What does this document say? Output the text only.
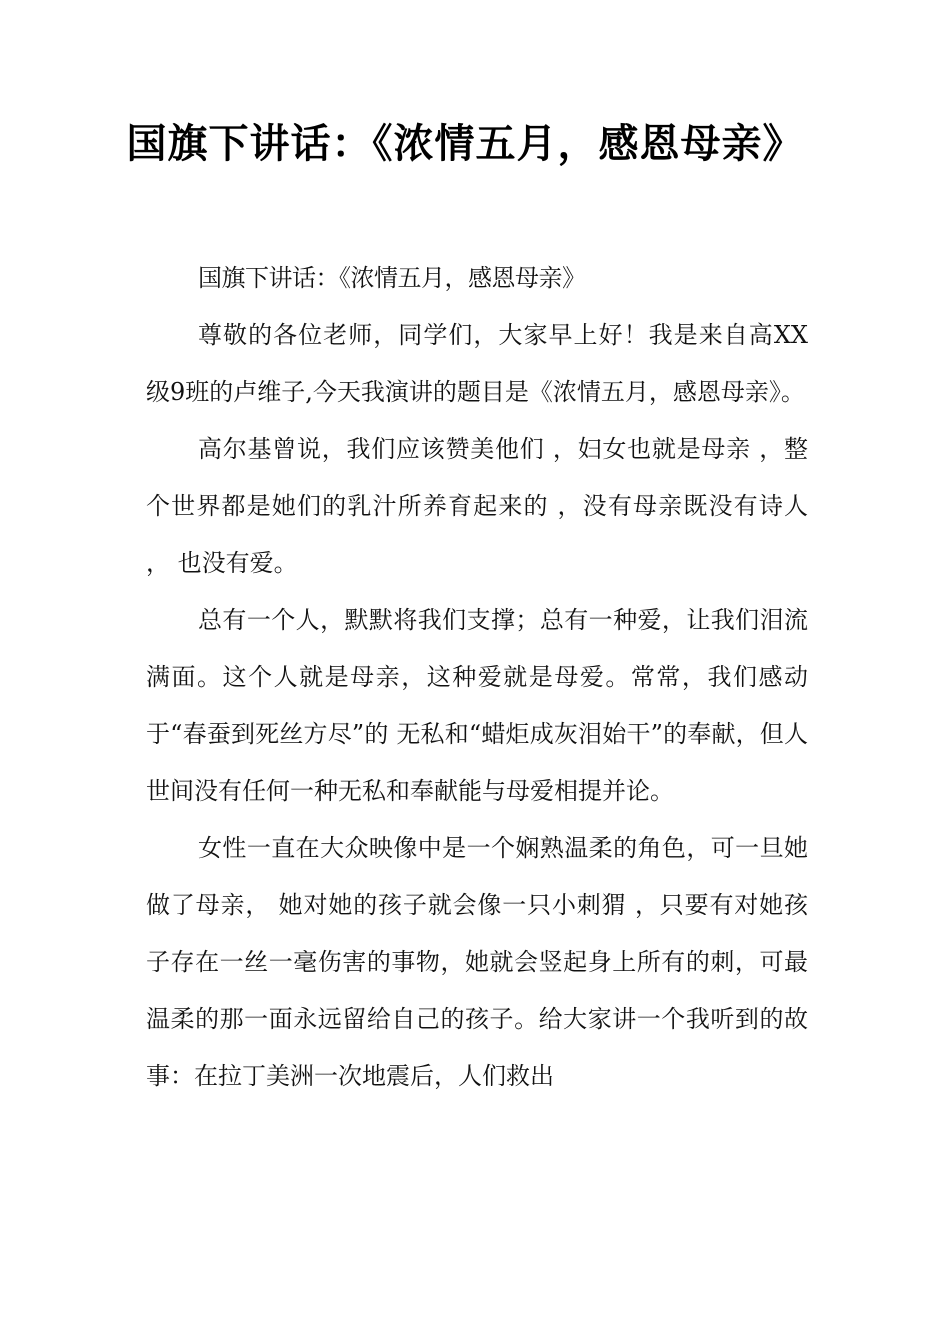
国旗下讲话：《浓情五月，感恩母亲》

国旗下讲话：《浓情五月，感恩母亲》

尊敬的各位老师，同学们，大家早上好！我是来自高XX级9班的卢维子,今天我演讲的题目是《浓情五月，感恩母亲》。

高尔基曾说，我们应该赞美他们 ，妇女也就是母亲 ，整个世界都是她们的乳汁所养育起来的 ，没有母亲既没有诗人 ， 也没有爱。

总有一个人，默默将我们支撑；总有一种爱，让我们泪流满面。这个人就是母亲，这种爱就是母爱。常常，我们感动于“春蚕到死丝方尽”的 无私和“蜡炬成灰泪始干”的奉献，但人世间没有任何一种无私和奉献能与母爱相提并论。

女性一直在大众映像中是一个娴熟温柔的角色，可一旦她做了母亲， 她对她的孩子就会像一只小刺猬 ，只要有对她孩子存在一丝一毫伤害的事物，她就会竖起身上所有的刺，可最温柔的那一面永远留给自己的孩子。给大家讲一个我听到的故事：在拉丁美洲一次地震后，人们救出
